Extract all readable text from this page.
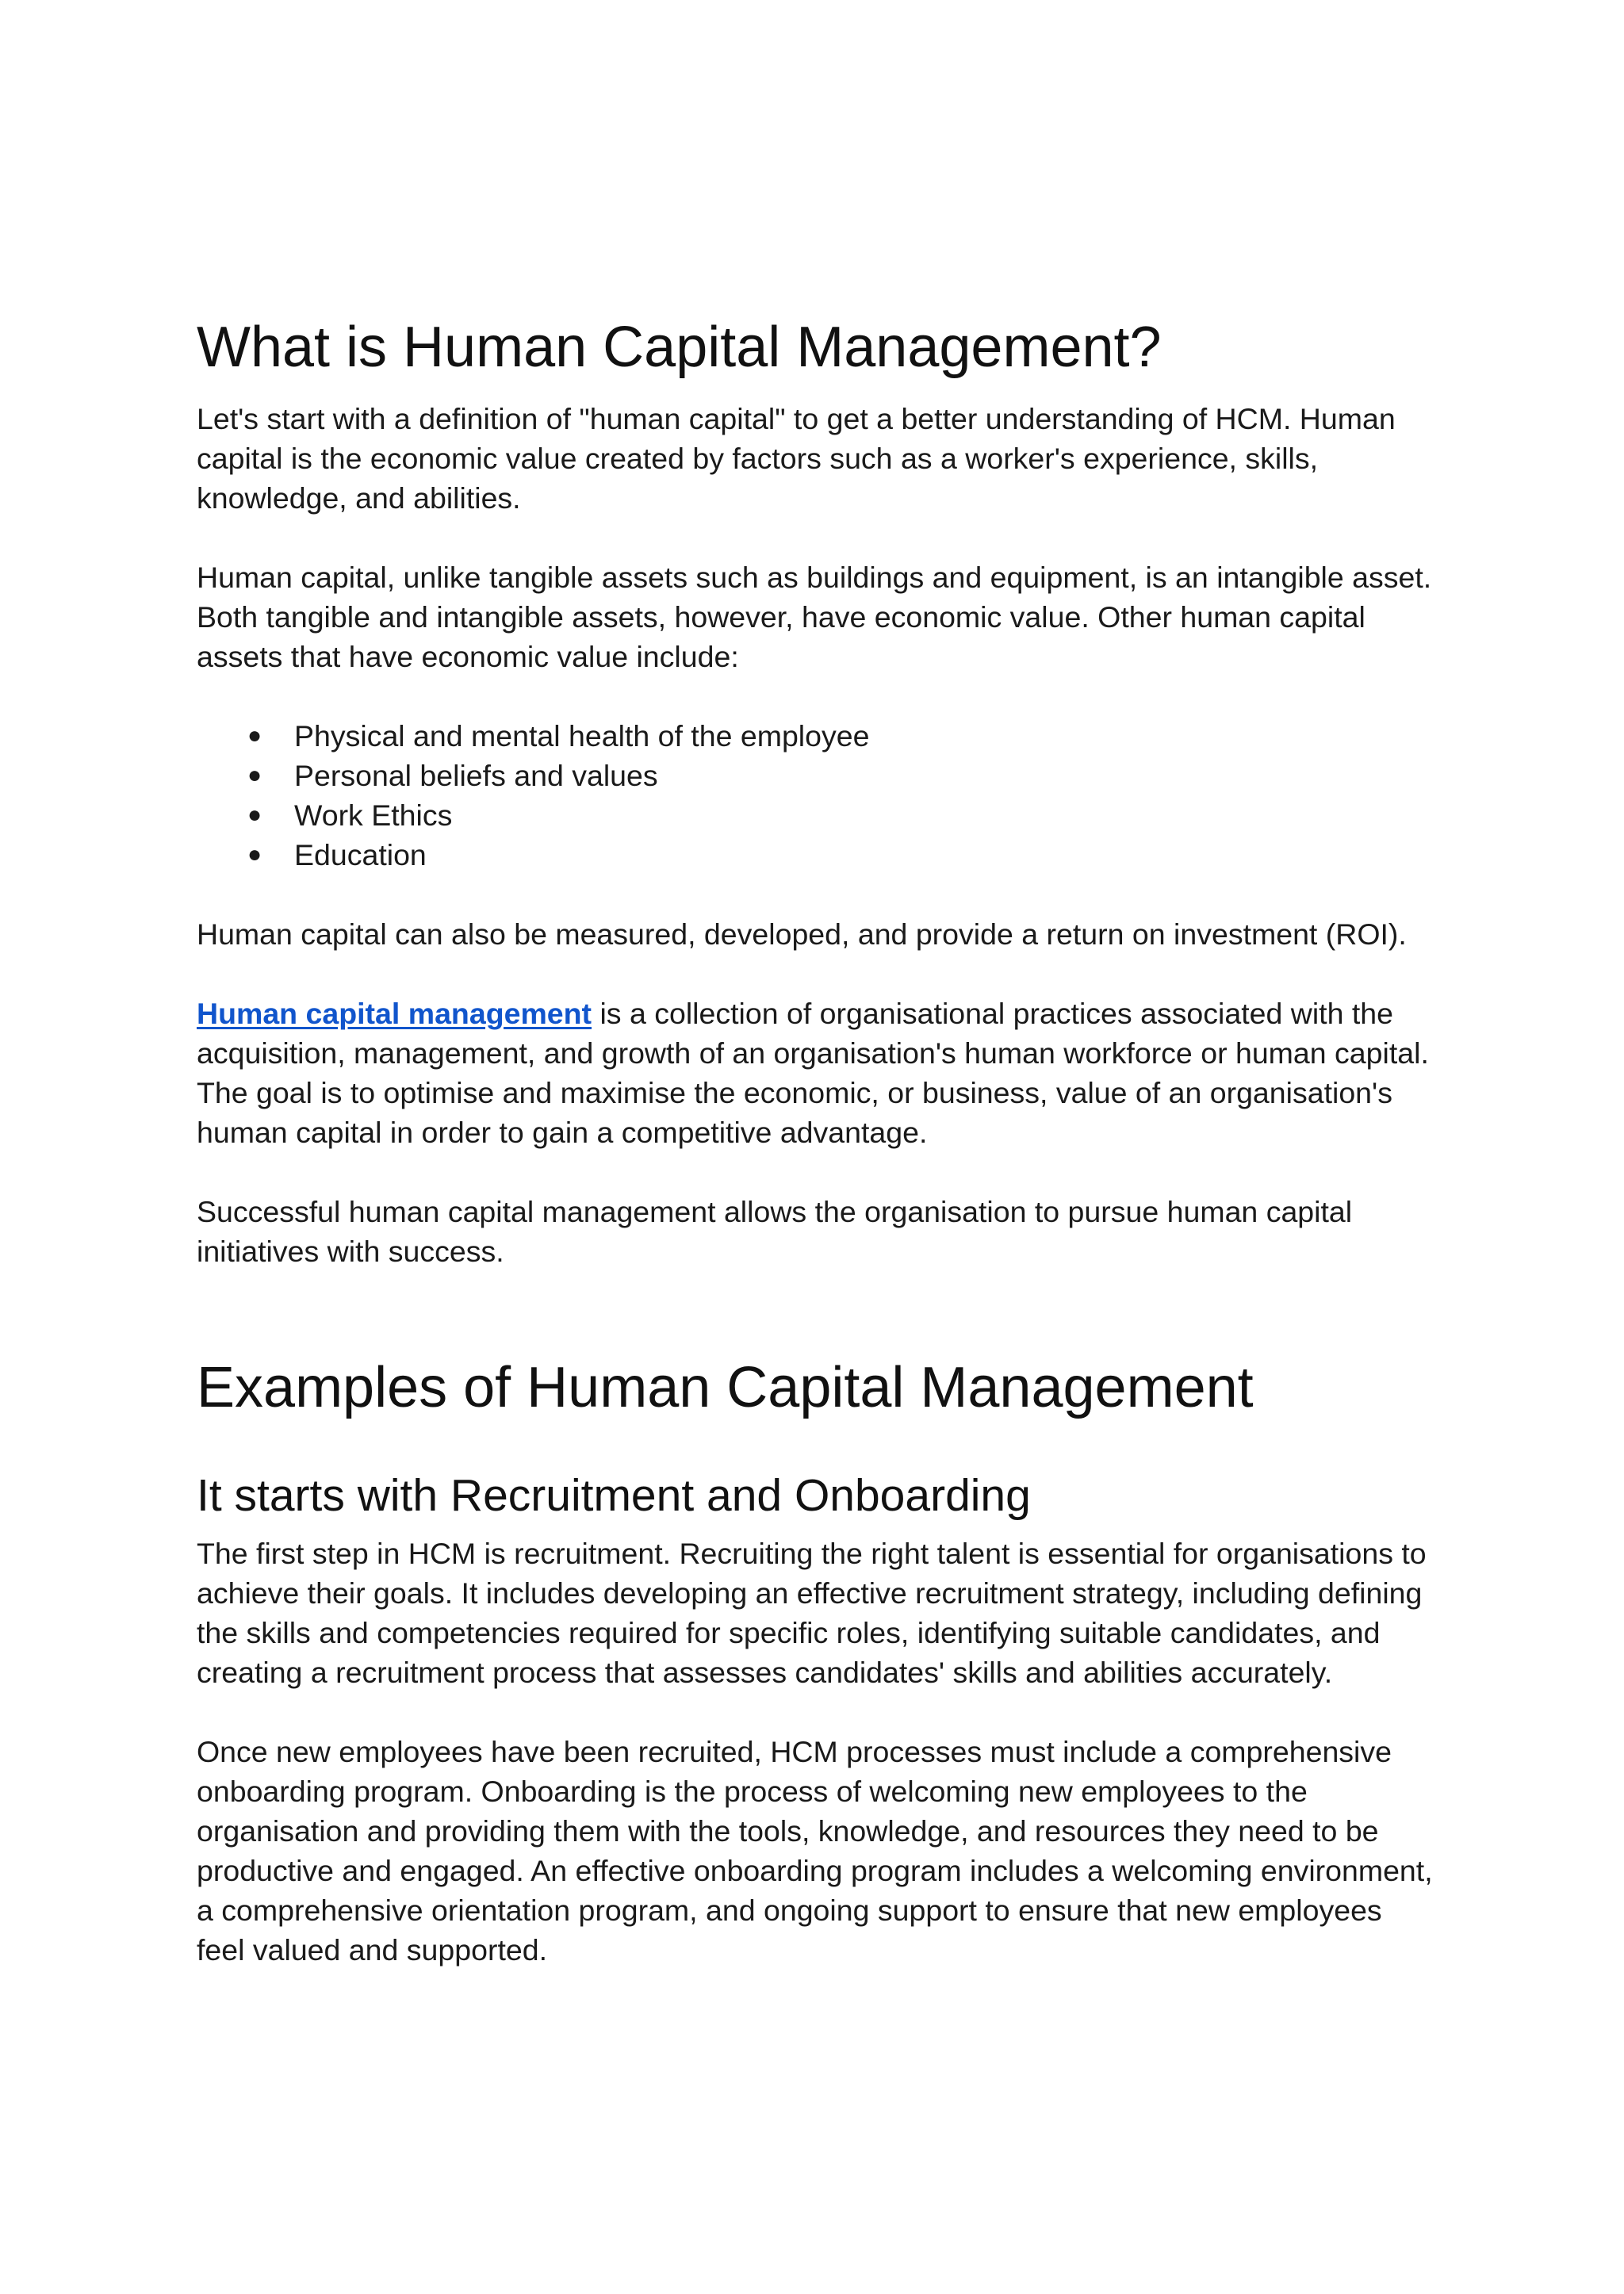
What is Human Capital Management?

Let's start with a definition of "human capital" to get a better understanding of HCM. Human capital is the economic value created by factors such as a worker's experience, skills, knowledge, and abilities.

Human capital, unlike tangible assets such as buildings and equipment, is an intangible asset. Both tangible and intangible assets, however, have economic value. Other human capital assets that have economic value include:

● Physical and mental health of the employee
● Personal beliefs and values
● Work Ethics
● Education

Human capital can also be measured, developed, and provide a return on investment (ROI).

Human capital management is a collection of organisational practices associated with the acquisition, management, and growth of an organisation's human workforce or human capital. The goal is to optimise and maximise the economic, or business, value of an organisation's human capital in order to gain a competitive advantage.

Successful human capital management allows the organisation to pursue human capital initiatives with success.

Examples of Human Capital Management
It starts with Recruitment and Onboarding

The first step in HCM is recruitment. Recruiting the right talent is essential for organisations to achieve their goals. It includes developing an effective recruitment strategy, including defining the skills and competencies required for specific roles, identifying suitable candidates, and creating a recruitment process that assesses candidates' skills and abilities accurately.

Once new employees have been recruited, HCM processes must include a comprehensive onboarding program. Onboarding is the process of welcoming new employees to the organisation and providing them with the tools, knowledge, and resources they need to be productive and engaged. An effective onboarding program includes a welcoming environment, a comprehensive orientation program, and ongoing support to ensure that new employees feel valued and supported.
